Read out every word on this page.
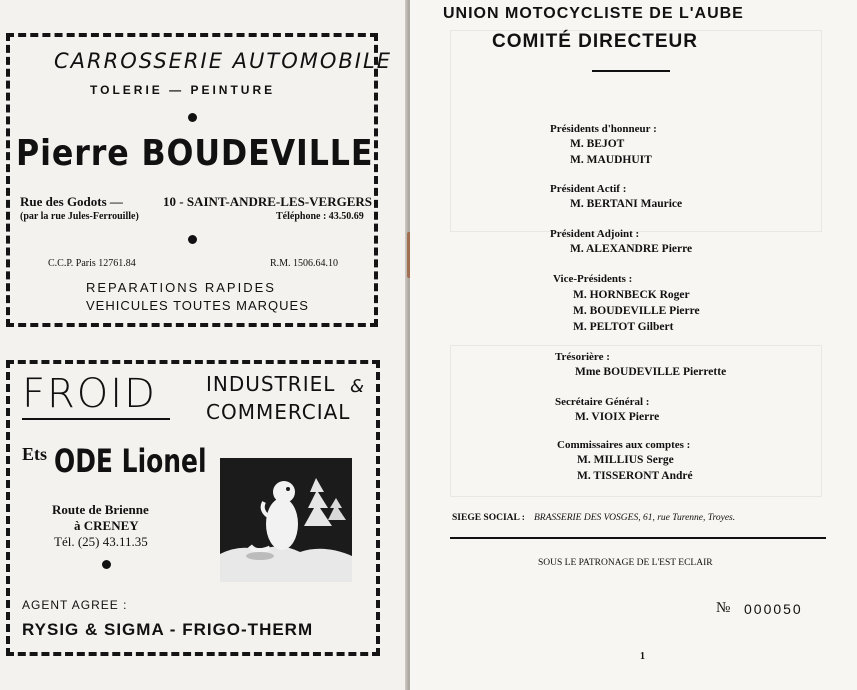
CARROSSERIE AUTOMOBILE
TOLERIE — PEINTURE
Pierre BOUDEVILLE
Rue des Godots —	10 - SAINT-ANDRE-LES-VERGERS
(par la rue Jules-Ferrouille)	Téléphone : 43.50.69
C.C.P. Paris 12761.84	R.M. 1506.64.10
REPARATIONS RAPIDES
VEHICULES TOUTES MARQUES
FROID INDUSTRIEL &
COMMERCIAL
Ets ODE Lionel
Route de Brienne
à CRENEY
Tél. (25) 43.11.35
AGENT AGREE :
RYSIG & SIGMA - FRIGO-THERM
UNION MOTOCYCLISTE DE L'AUBE
COMITÉ DIRECTEUR
Présidents d'honneur :
M. BEJOT
M. MAUDHUIT
Président Actif :
M. BERTANI Maurice
Président Adjoint :
M. ALEXANDRE Pierre
Vice-Présidents :
M. HORNBECK Roger
M. BOUDEVILLE Pierre
M. PELTOT Gilbert
Trésorière :
Mme BOUDEVILLE Pierrette
Secrétaire Général :
M. VIOIX Pierre
Commissaires aux comptes :
M. MILLIUS Serge
M. TISSERONT André
SIEGE SOCIAL : BRASSERIE DES VOSGES, 61, rue Turenne, Troyes.
SOUS LE PATRONAGE DE L'EST ECLAIR
№ 000050
1
